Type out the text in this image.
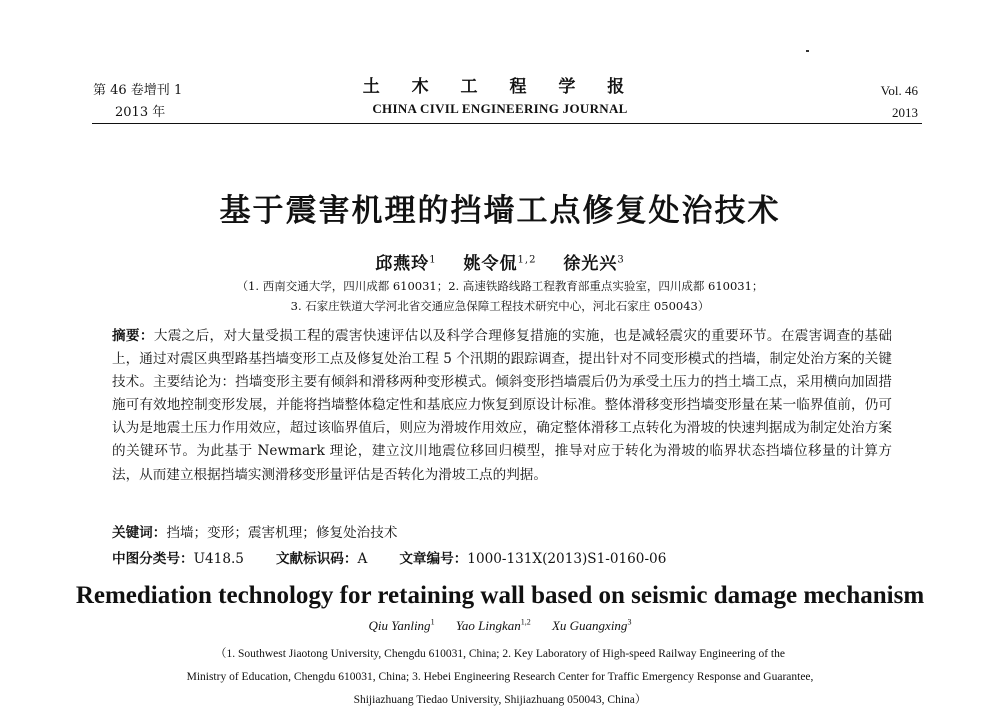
第 46 卷增刊 1
2013 年
土 木 工 程 学 报
CHINA CIVIL ENGINEERING JOURNAL
Vol. 46
2013
基于震害机理的挡墙工点修复处治技术
邱燕玲$^1$ 姚令侃$^{1,2}$ 徐光兴$^3$
（1. 西南交通大学，四川成都 610031；2. 高速铁路线路工程教育部重点实验室，四川成都 610031；
3. 石家庄铁道大学河北省交通应急保障工程技术研究中心，河北石家庄 050043）
摘要：大震之后，对大量受损工程的震害快速评估以及科学合理修复措施的实施，也是减轻震灾的重要环节。在震害调查的基础上，通过对震区典型路基挡墙变形工点及修复处治工程 5 个汛期的跟踪调查，提出针对不同变形模式的挡墙，制定处治方案的关键技术。主要结论为：挡墙变形主要有倾斜和滑移两种变形模式。倾斜变形挡墙震后仍为承受土压力的挡土墙工点，采用横向加固措施可有效地控制变形发展，并能将挡墙整体稳定性和基底应力恢复到原设计标准。整体滑移变形挡墙变形量在某一临界值前，仍可认为是地震土压力作用效应，超过该临界值后，则应为滑坡作用效应，确定整体滑移工点转化为滑坡的快速判据成为制定处治方案的关键环节。为此基于 Newmark 理论，建立汶川地震位移回归模型，推导对应于转化为滑坡的临界状态挡墙位移量的计算方法，从而建立根据挡墙实测滑移变形量评估是否转化为滑坡工点的判据。
关键词：挡墙；变形；震害机理；修复处治技术
中图分类号：U418.5 文献标识码：A 文章编号：1000-131X(2013)S1-0160-06
Remediation technology for retaining wall based on seismic damage mechanism
Qiu Yanling$^1$ Yao Lingkan$^{1,2}$ Xu Guangxing$^3$
（1. Southwest Jiaotong University, Chengdu 610031, China; 2. Key Laboratory of High-speed Railway Engineering of the
Ministry of Education, Chengdu 610031, China; 3. Hebei Engineering Research Center for Traffic Emergency Response and Guarantee,
Shijiazhuang Tiedao University, Shijiazhuang 050043, China）
